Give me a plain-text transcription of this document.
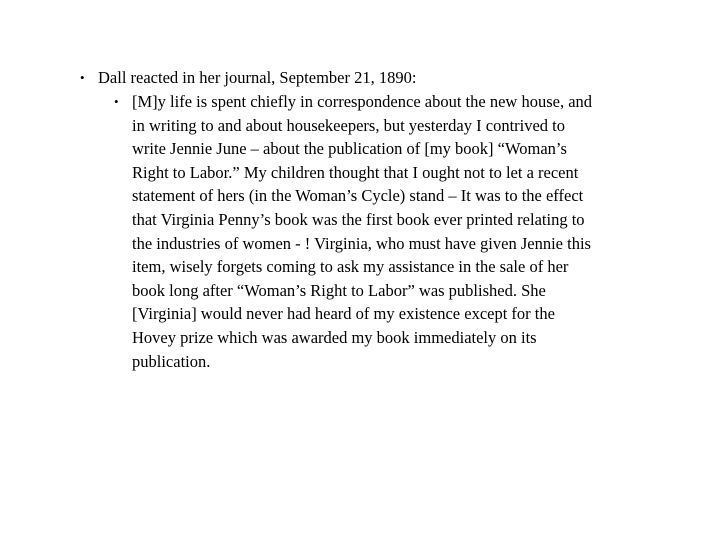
• Dall reacted in her journal, September 21, 1890:
• [M]y life is spent chiefly in correspondence about the new house, and
in writing to and about housekeepers, but yesterday I contrived to
write Jennie June – about the publication of [my book] “Woman’s
Right to Labor.” My children thought that I ought not to let a recent
statement of hers (in the Woman’s Cycle) stand – It was to the effect
that Virginia Penny’s book was the first book ever printed relating to
the industries of women - ! Virginia, who must have given Jennie this
item, wisely forgets coming to ask my assistance in the sale of her
book long after “Woman’s Right to Labor” was published. She
[Virginia] would never had heard of my existence except for the
Hovey prize which was awarded my book immediately on its
publication.
